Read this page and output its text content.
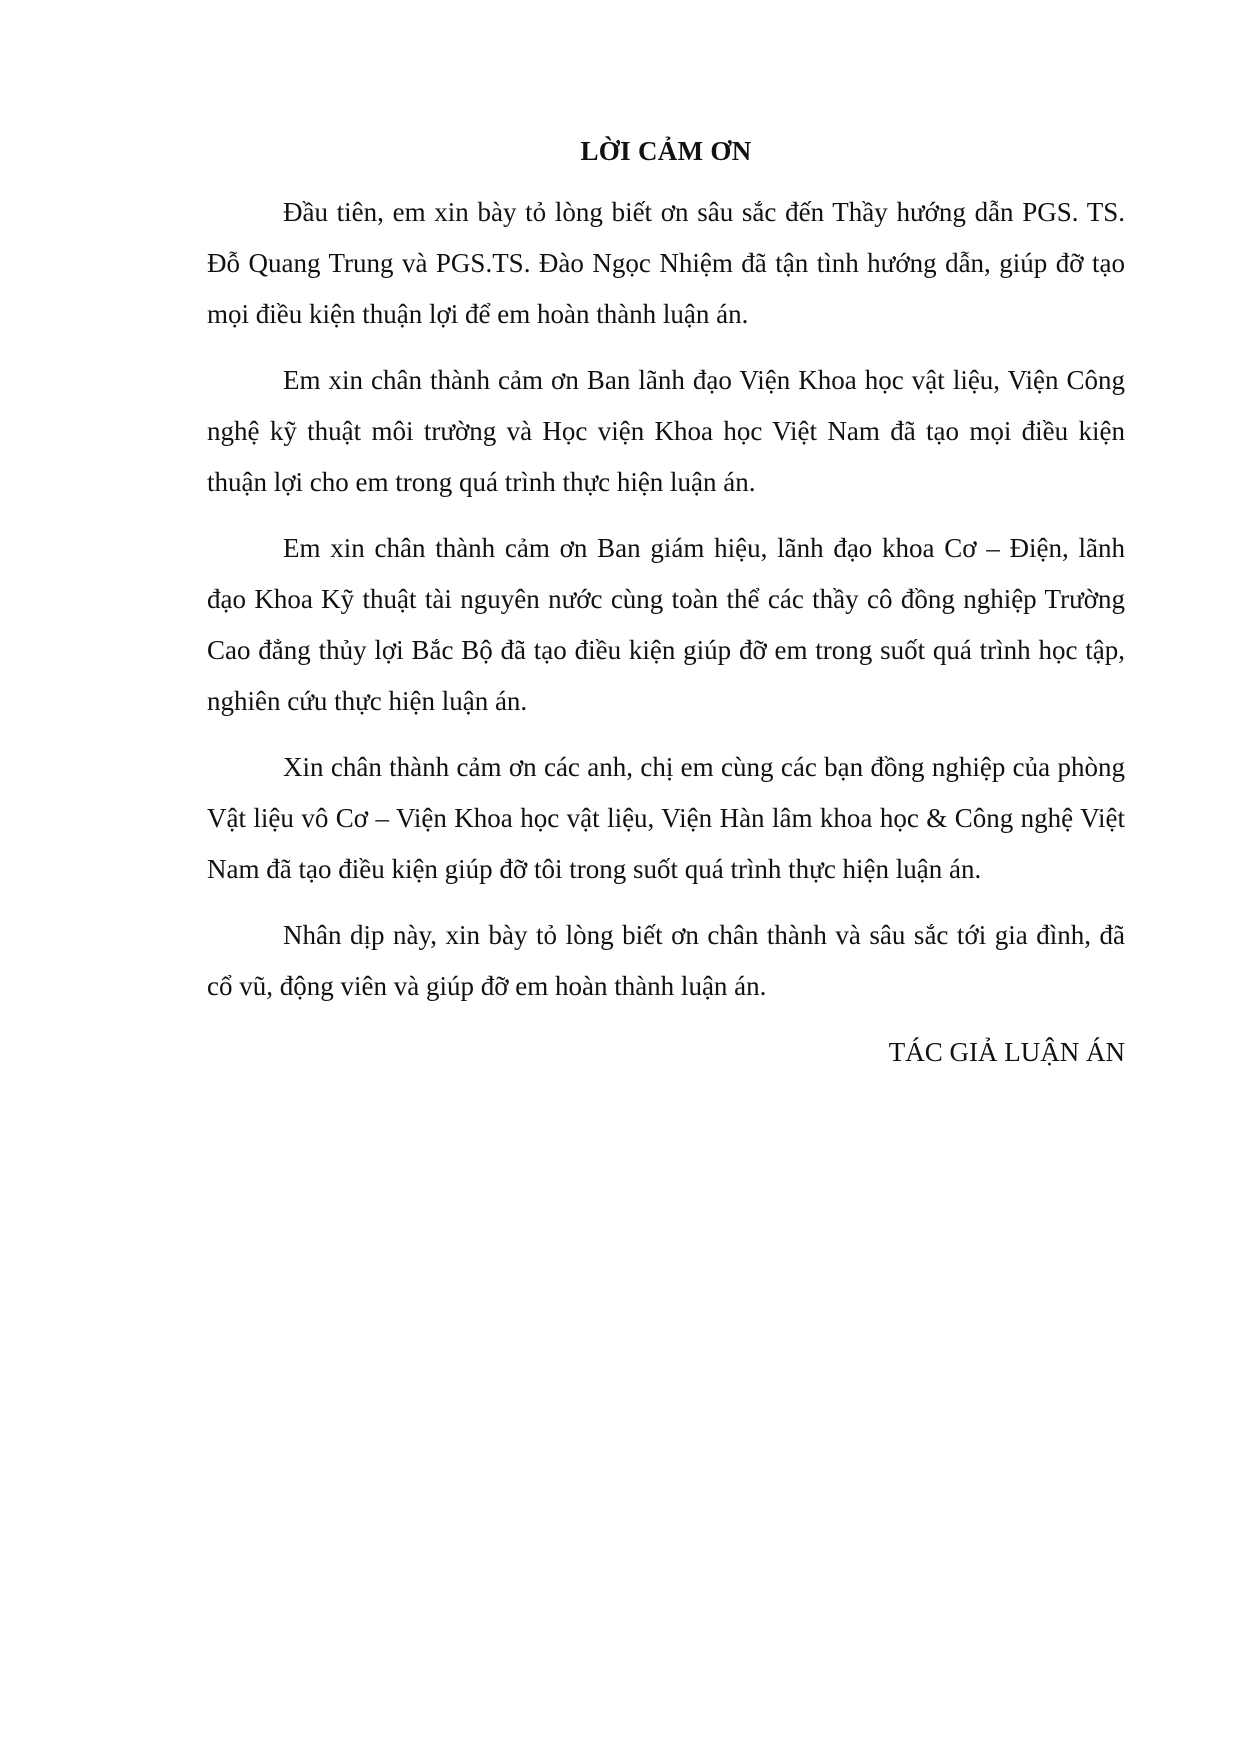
LỜI CẢM ƠN

Đầu tiên, em xin bày tỏ lòng biết ơn sâu sắc đến Thầy hướng dẫn PGS. TS. Đỗ Quang Trung và PGS.TS. Đào Ngọc Nhiệm đã tận tình hướng dẫn, giúp đỡ tạo mọi điều kiện thuận lợi để em hoàn thành luận án.

Em xin chân thành cảm ơn Ban lãnh đạo Viện Khoa học vật liệu, Viện Công nghệ kỹ thuật môi trường và Học viện Khoa học Việt Nam đã tạo mọi điều kiện thuận lợi cho em trong quá trình thực hiện luận án.

Em xin chân thành cảm ơn Ban giám hiệu, lãnh đạo khoa Cơ – Điện, lãnh đạo Khoa Kỹ thuật tài nguyên nước cùng toàn thể các thầy cô đồng nghiệp Trường Cao đẳng thủy lợi Bắc Bộ đã tạo điều kiện giúp đỡ em trong suốt quá trình học tập, nghiên cứu thực hiện luận án.

Xin chân thành cảm ơn các anh, chị em cùng các bạn đồng nghiệp của phòng Vật liệu vô Cơ – Viện Khoa học vật liệu, Viện Hàn lâm khoa học & Công nghệ Việt Nam đã tạo điều kiện giúp đỡ tôi trong suốt quá trình thực hiện luận án.

Nhân dịp này, xin bày tỏ lòng biết ơn chân thành và sâu sắc tới gia đình, đã cổ vũ, động viên và giúp đỡ em hoàn thành luận án.

TÁC GIẢ LUẬN ÁN
